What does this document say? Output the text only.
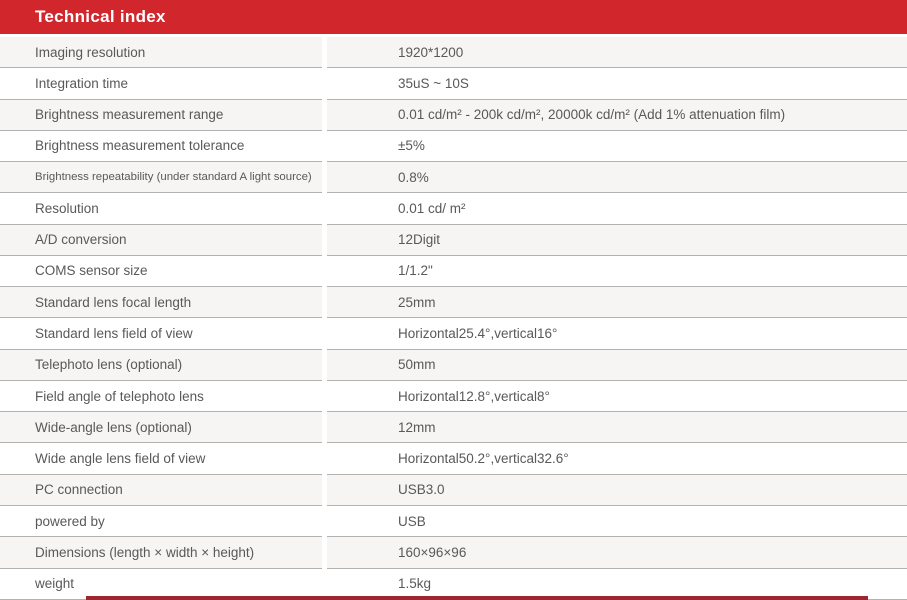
Technical index
Imaging resolution	1920*1200
Integration time	35uS ~ 10S
Brightness measurement range	0.01 cd/m² - 200k cd/m², 20000k cd/m² (Add 1% attenuation film)
Brightness measurement tolerance	±5%
Brightness repeatability (under standard A light source)	0.8%
Resolution	0.01 cd/ m²
A/D conversion	12Digit
COMS sensor size	1/1.2"
Standard lens focal length	25mm
Standard lens field of view	Horizontal25.4°,vertical16°
Telephoto lens (optional)	50mm
Field angle of telephoto lens	Horizontal12.8°,vertical8°
Wide-angle lens (optional)	12mm
Wide angle lens field of view	Horizontal50.2°,vertical32.6°
PC connection	USB3.0
powered by	USB
Dimensions (length × width × height)	160×96×96
weight	1.5kg
